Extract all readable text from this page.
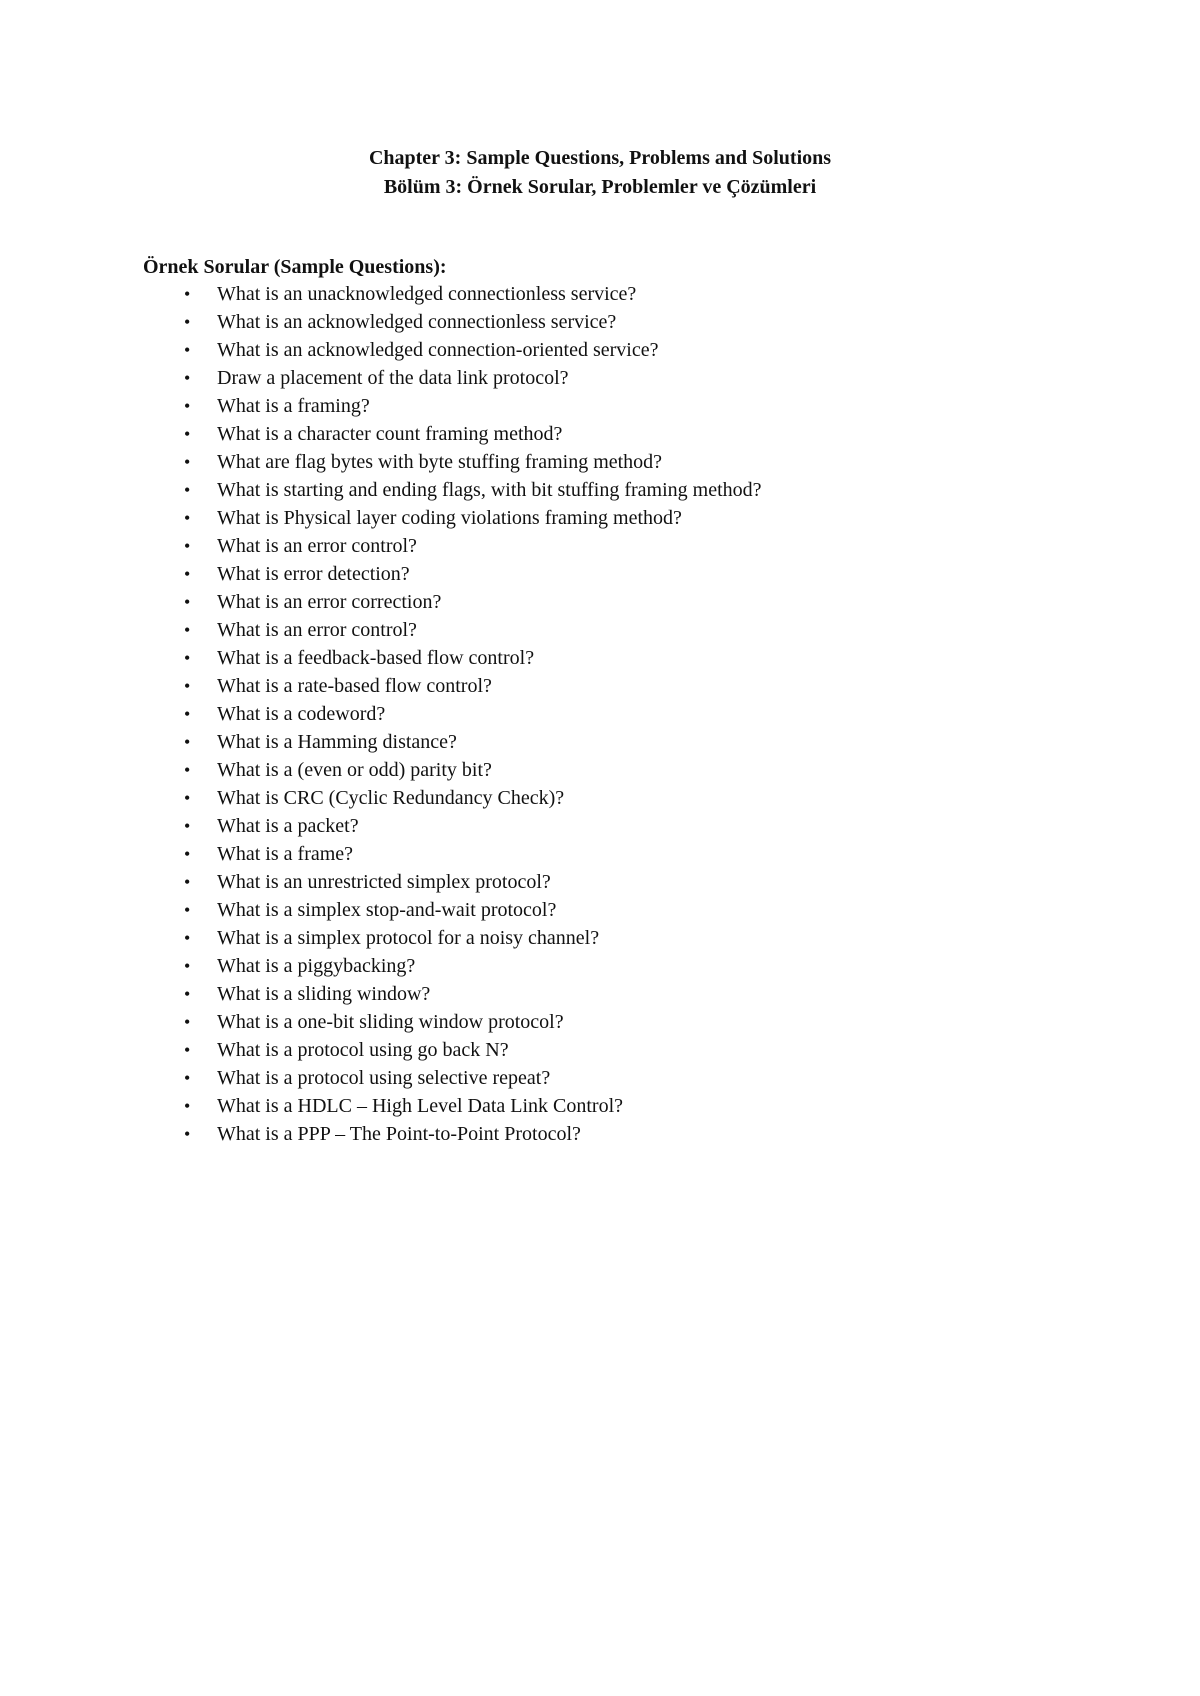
Chapter 3: Sample Questions, Problems and Solutions
Bölüm 3: Örnek Sorular, Problemler ve Çözümleri

Örnek Sorular (Sample Questions):

•	What is an unacknowledged connectionless service?
•	What is an acknowledged connectionless service?
•	What is an acknowledged connection-oriented service?
•	Draw a placement of the data link protocol?
•	What is a framing?
•	What is a character count framing method?
•	What are flag bytes with byte stuffing framing method?
•	What is starting and ending flags, with bit stuffing framing method?
•	What is Physical layer coding violations framing method?
•	What is an error control?
•	What is error detection?
•	What is an error correction?
•	What is an error control?
•	What is a feedback-based flow control?
•	What is a rate-based flow control?
•	What is a codeword?
•	What is a Hamming distance?
•	What is a (even or odd) parity bit?
•	What is CRC (Cyclic Redundancy Check)?
•	What is a packet?
•	What is a frame?
•	What is an unrestricted simplex protocol?
•	What is a simplex stop-and-wait protocol?
•	What is a simplex protocol for a noisy channel?
•	What is a piggybacking?
•	What is a sliding window?
•	What is a one-bit sliding window protocol?
•	What is a protocol using go back N?
•	What is a protocol using selective repeat?
•	What is a HDLC – High Level Data Link Control?
•	What is a PPP – The Point-to-Point Protocol?
